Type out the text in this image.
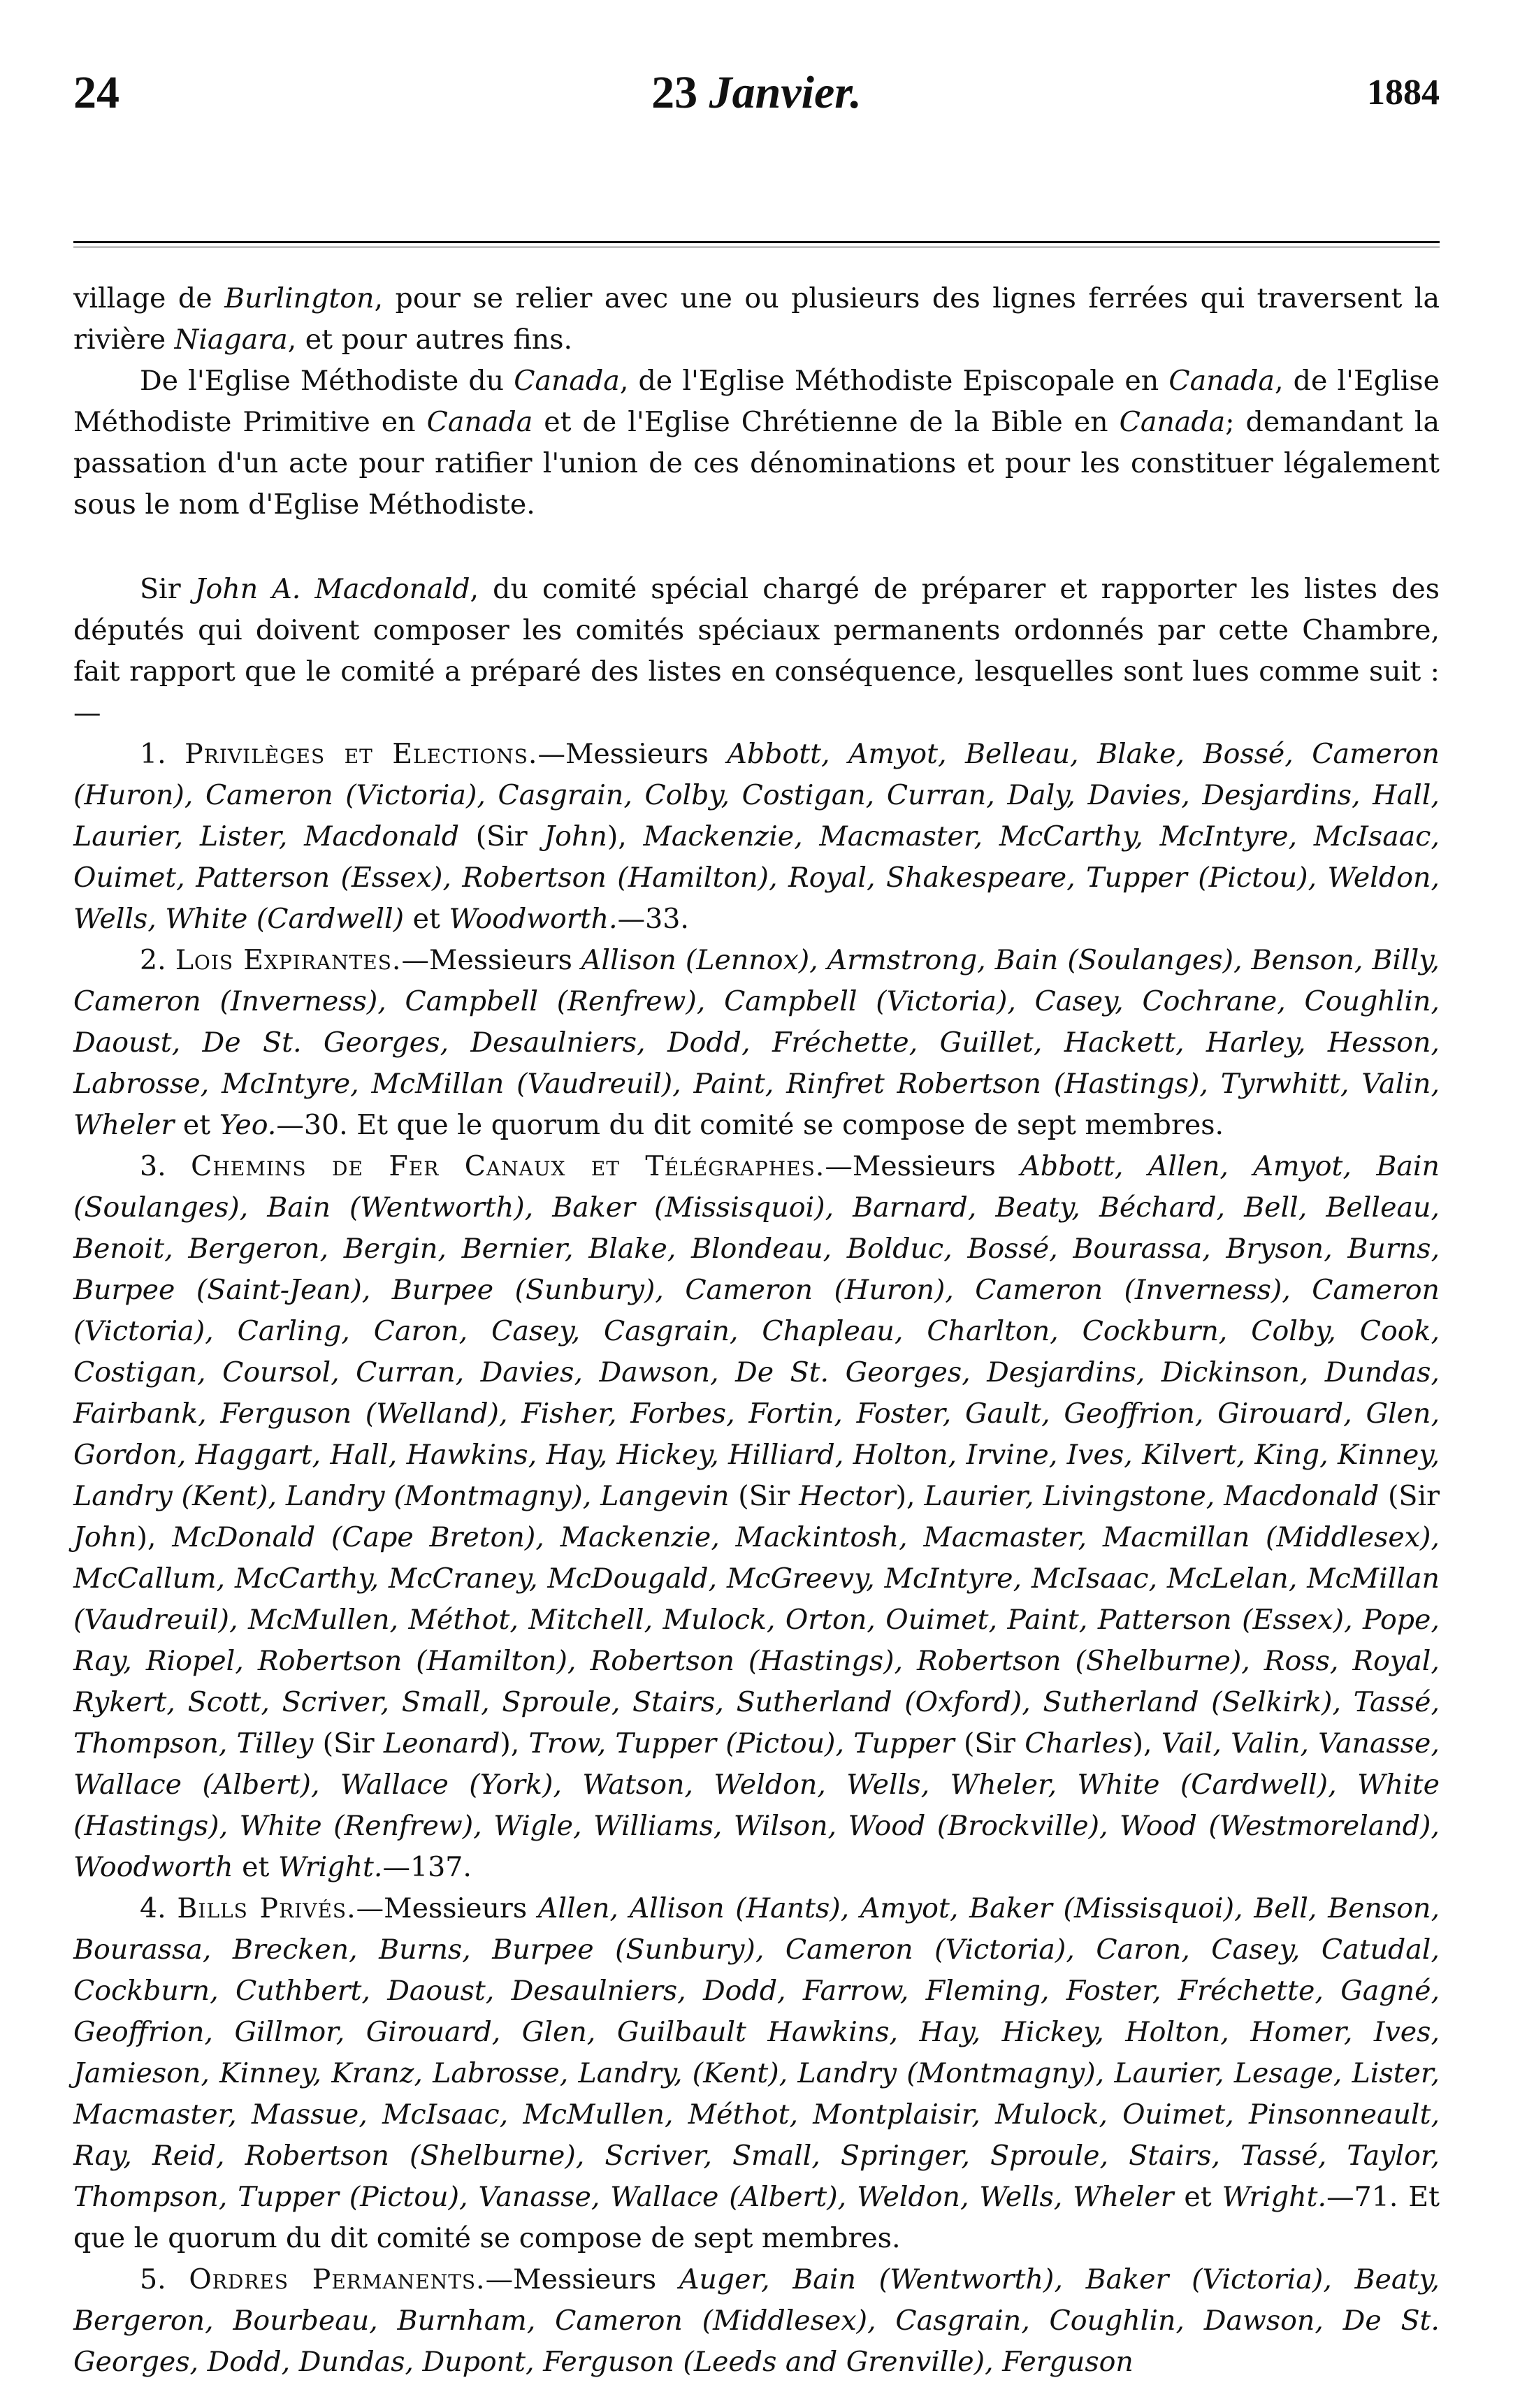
24	23 Janvier.	1884

village de Burlington, pour se relier avec une ou plusieurs des lignes ferrées qui traversent la rivière Niagara, et pour autres fins.

De l'Eglise Méthodiste du Canada, de l'Eglise Méthodiste Episcopale en Canada, de l'Eglise Méthodiste Primitive en Canada et de l'Eglise Chrétienne de la Bible en Canada; demandant la passation d'un acte pour ratifier l'union de ces dénominations et pour les constituer légalement sous le nom d'Eglise Méthodiste.

Sir John A. Macdonald, du comité spécial chargé de préparer et rapporter les listes des députés qui doivent composer les comités spéciaux permanents ordonnés par cette Chambre, fait rapport que le comité a préparé des listes en conséquence, lesquelles sont lues comme suit :—

1. Privilèges et Elections.—Messieurs Abbott, Amyot, Belleau, Blake, Bossé, Cameron (Huron), Cameron (Victoria), Casgrain, Colby, Costigan, Curran, Daly, Davies, Desjardins, Hall, Laurier, Lister, Macdonald (Sir John), Mackenzie, Macmaster, McCarthy, McIntyre, McIsaac, Ouimet, Patterson (Essex), Robertson (Hamilton), Royal, Shakespeare, Tupper (Pictou), Weldon, Wells, White (Cardwell) et Woodworth.—33.

2. Lois Expirantes.—Messieurs Allison (Lennox), Armstrong, Bain (Soulanges), Benson, Billy, Cameron (Inverness), Campbell (Renfrew), Campbell (Victoria), Casey, Cochrane, Coughlin, Daoust, De St. Georges, Desaulniers, Dodd, Fréchette, Guillet, Hackett, Harley, Hesson, Labrosse, McIntyre, McMillan (Vaudreuil), Paint, Rinfret Robertson (Hastings), Tyrwhitt, Valin, Wheler et Yeo.—30. Et que le quorum du dit comité se compose de sept membres.

3. Chemins de Fer Canaux et Télégraphes.—Messieurs Abbott, Allen, Amyot, Bain (Soulanges), Bain (Wentworth), Baker (Missisquoi), Barnard, Beaty, Béchard, Bell, Belleau, Benoit, Bergeron, Bergin, Bernier, Blake, Blondeau, Bolduc, Bossé, Bourassa, Bryson, Burns, Burpee (Saint-Jean), Burpee (Sunbury), Cameron (Huron), Cameron (Inverness), Cameron (Victoria), Carling, Caron, Casey, Casgrain, Chapleau, Charlton, Cockburn, Colby, Cook, Costigan, Coursol, Curran, Davies, Dawson, De St. Georges, Desjardins, Dickinson, Dundas, Fairbank, Ferguson (Welland), Fisher, Forbes, Fortin, Foster, Gault, Geoffrion, Girouard, Glen, Gordon, Haggart, Hall, Hawkins, Hay, Hickey, Hilliard, Holton, Irvine, Ives, Kilvert, King, Kinney, Landry (Kent), Landry (Montmagny), Langevin (Sir Hector), Laurier, Livingstone, Macdonald (Sir John), McDonald (Cape Breton), Mackenzie, Mackintosh, Macmaster, Macmillan (Middlesex), McCallum, McCarthy, McCraney, McDougald, McGreevy, McIntyre, McIsaac, McLelan, McMillan (Vaudreuil), McMullen, Méthot, Mitchell, Mulock, Orton, Ouimet, Paint, Patterson (Essex), Pope, Ray, Riopel, Robertson (Hamilton), Robertson (Hastings), Robertson (Shelburne), Ross, Royal, Rykert, Scott, Scriver, Small, Sproule, Stairs, Sutherland (Oxford), Sutherland (Selkirk), Tassé, Thompson, Tilley (Sir Leonard), Trow, Tupper (Pictou), Tupper (Sir Charles), Vail, Valin, Vanasse, Wallace (Albert), Wallace (York), Watson, Weldon, Wells, Wheler, White (Cardwell), White (Hastings), White (Renfrew), Wigle, Williams, Wilson, Wood (Brockville), Wood (Westmoreland), Woodworth et Wright.—137.

4. Bills Privés.—Messieurs Allen, Allison (Hants), Amyot, Baker (Missisquoi), Bell, Benson, Bourassa, Brecken, Burns, Burpee (Sunbury), Cameron (Victoria), Caron, Casey, Catudal, Cockburn, Cuthbert, Daoust, Desaulniers, Dodd, Farrow, Fleming, Foster, Fréchette, Gagné, Geoffrion, Gillmor, Girouard, Glen, Guilbault Hawkins, Hay, Hickey, Holton, Homer, Ives, Jamieson, Kinney, Kranz, Labrosse, Landry, (Kent), Landry (Montmagny), Laurier, Lesage, Lister, Macmaster, Massue, McIsaac, McMullen, Méthot, Montplaisir, Mulock, Ouimet, Pinsonneault, Ray, Reid, Robertson (Shelburne), Scriver, Small, Springer, Sproule, Stairs, Tassé, Taylor, Thompson, Tupper (Pictou), Vanasse, Wallace (Albert), Weldon, Wells, Wheler et Wright.—71. Et que le quorum du dit comité se compose de sept membres.

5. Ordres Permanents.—Messieurs Auger, Bain (Wentworth), Baker (Victoria), Beaty, Bergeron, Bourbeau, Burnham, Cameron (Middlesex), Casgrain, Coughlin, Dawson, De St. Georges, Dodd, Dundas, Dupont, Ferguson (Leeds and Grenville), Ferguson
